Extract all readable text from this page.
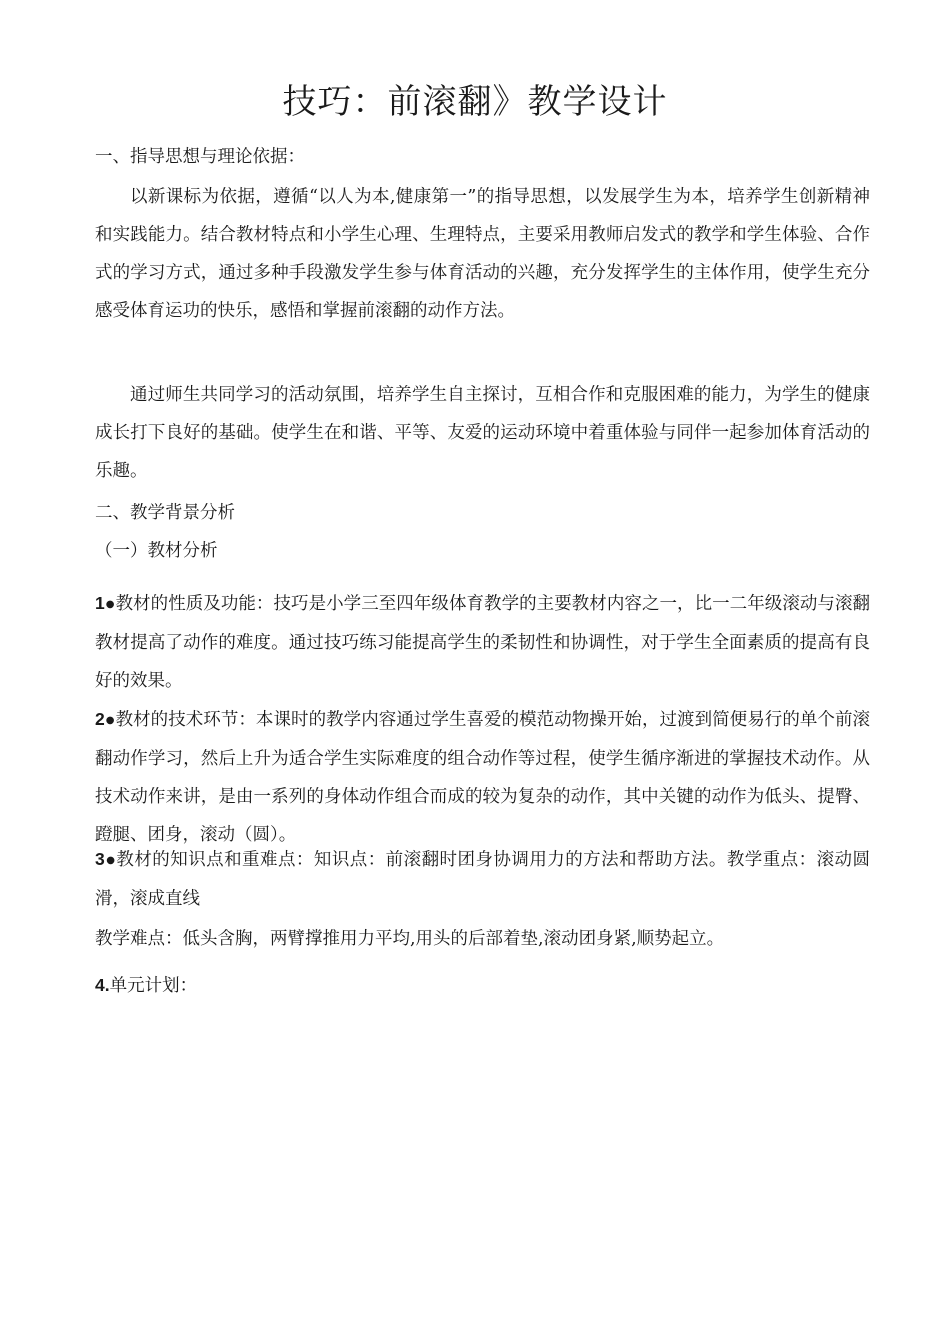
技巧：前滚翻》教学设计

一、指导思想与理论依据：

以新课标为依据，遵循“以人为本,健康第一”的指导思想，以发展学生为本，培养学生创新精神和实践能力。结合教材特点和小学生心理、生理特点，主要采用教师启发式的教学和学生体验、合作式的学习方式，通过多种手段激发学生参与体育活动的兴趣，充分发挥学生的主体作用，使学生充分感受体育运功的快乐，感悟和掌握前滚翻的动作方法。

通过师生共同学习的活动氛围，培养学生自主探讨，互相合作和克服困难的能力，为学生的健康成长打下良好的基础。使学生在和谐、平等、友爱的运动环境中着重体验与同伴一起参加体育活动的乐趣。

二、教学背景分析

（一）教材分析

1●教材的性质及功能：技巧是小学三至四年级体育教学的主要教材内容之一，比一二年级滚动与滚翻教材提高了动作的难度。通过技巧练习能提高学生的柔韧性和协调性，对于学生全面素质的提高有良好的效果。

2●教材的技术环节：本课时的教学内容通过学生喜爱的模范动物操开始，过渡到简便易行的单个前滚翻动作学习，然后上升为适合学生实际难度的组合动作等过程，使学生循序渐进的掌握技术动作。从技术动作来讲，是由一系列的身体动作组合而成的较为复杂的动作，其中关键的动作为低头、提臀、蹬腿、团身，滚动（圆）。

3●教材的知识点和重难点：知识点：前滚翻时团身协调用力的方法和帮助方法。教学重点：滚动圆滑，滚成直线

教学难点：低头含胸，两臂撑推用力平均,用头的后部着垫,滚动团身紧,顺势起立。

4.单元计划：
